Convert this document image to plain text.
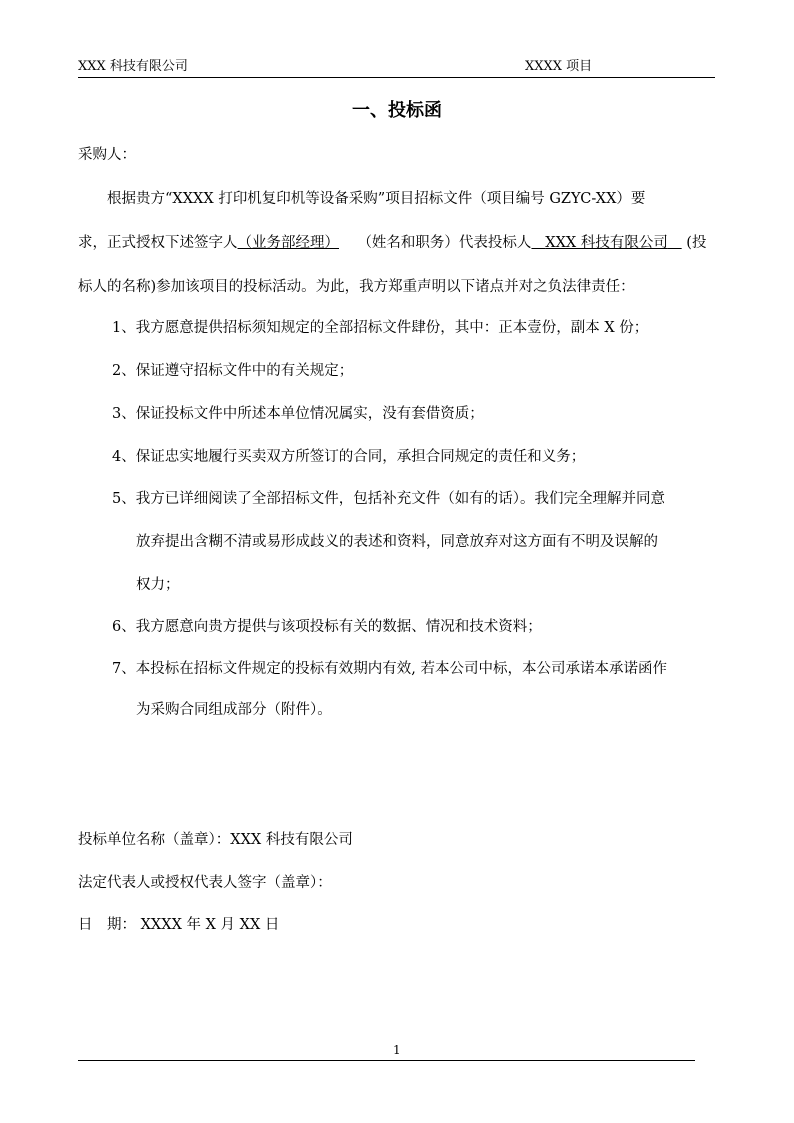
XXX 科技有限公司	XXXX 项目
一、投标函
采购人：
根据贵方“XXXX 打印机复印机等设备采购”项目招标文件（项目编号 GZYC-XX）要
求，正式授权下述签字人（业务部经理） （姓名和职务）代表投标人 XXX 科技有限公司 (投
标人的名称)参加该项目的投标活动。为此，我方郑重声明以下诸点并对之负法律责任：
1、我方愿意提供招标须知规定的全部招标文件肆份，其中：正本壹份，副本 X 份；
2、保证遵守招标文件中的有关规定；
3、保证投标文件中所述本单位情况属实，没有套借资质；
4、保证忠实地履行买卖双方所签订的合同，承担合同规定的责任和义务；
5、我方已详细阅读了全部招标文件，包括补充文件（如有的话）。我们完全理解并同意
放弃提出含糊不清或易形成歧义的表述和资料，同意放弃对这方面有不明及误解的
权力；
6、我方愿意向贵方提供与该项投标有关的数据、情况和技术资料；
7、本投标在招标文件规定的投标有效期内有效, 若本公司中标，本公司承诺本承诺函作
为采购合同组成部分（附件）。
投标单位名称（盖章）：XXX 科技有限公司
法定代表人或授权代表人签字（盖章）：
日　期： XXXX 年 X 月 XX 日
1
